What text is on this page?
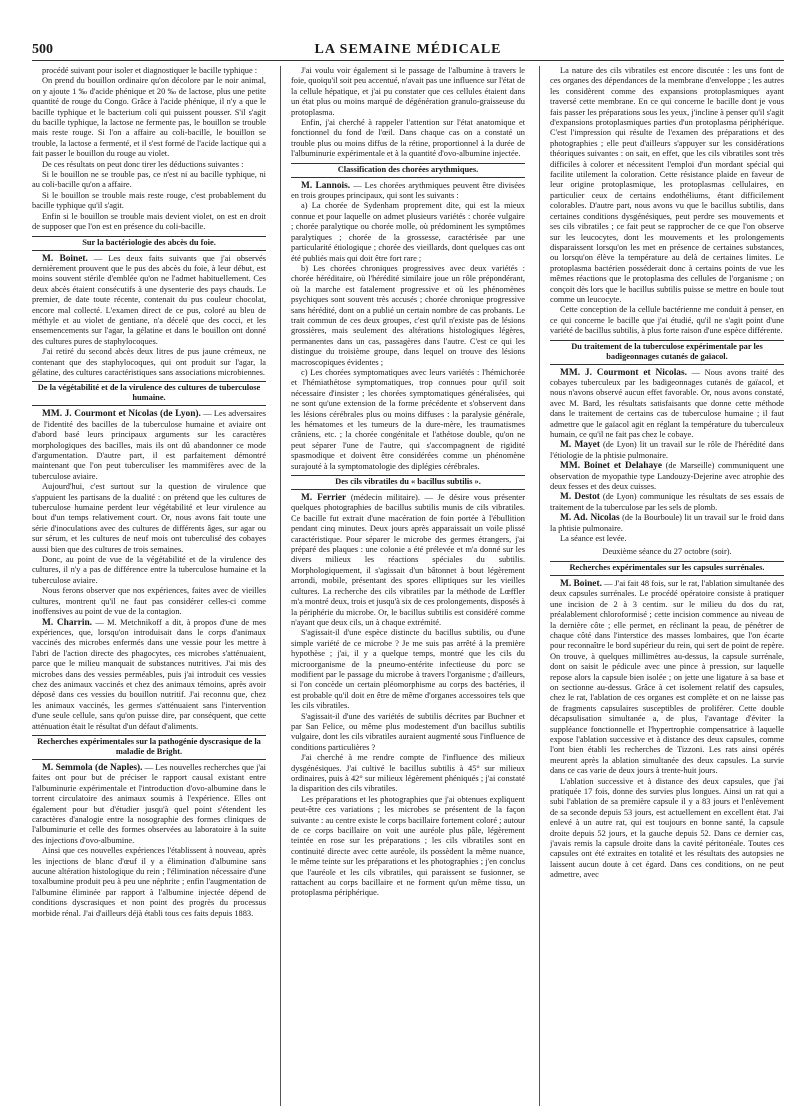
500	LA SEMAINE MÉDICALE

procédé suivant pour isoler et diagnostiquer le bacille typhique :

On prend du bouillon ordinaire qu'on décolore par le noir animal, on y ajoute 1 ‰ d'acide phénique et 20 ‰ de lactose, plus une petite quantité de rouge du Congo. Grâce à l'acide phénique, il n'y a que le bacille typhique et le bacterium coli qui puissent pousser. S'il s'agit du bacille typhique, la lactose ne fermente pas, le bouillon se trouble mais reste rouge. Si l'on a affaire au coli-bacille, le bouillon se trouble, la lactose a fermenté, et il s'est formé de l'acide lactique qui a fait passer le bouillon du rouge au violet.

De ces résultats on peut donc tirer les déductions suivantes :

Si le bouillon ne se trouble pas, ce n'est ni au bacille typhique, ni au coli-bacille qu'on a affaire.

Si le bouillon se trouble mais reste rouge, c'est probablement du bacille typhique qu'il s'agit.

Enfin si le bouillon se trouble mais devient violet, on est en droit de supposer que l'on est en présence du coli-bacille.

Sur la bactériologie des abcès du foie.

M. Boinet. — Les deux faits suivants que j'ai observés dernièrement prouvent que le pus des abcès du foie, à leur début, est moins souvent stérile d'emblée qu'on ne l'admet habituellement. Ces deux abcès étaient consécutifs à une dysenterie des pays chauds. Le premier, de date toute récente, contenait du pus couleur chocolat, encore mal collecté. L'examen direct de ce pus, coloré au bleu de méthyle et au violet de gentiane, n'a décelé que des cocci, et les ensemencements sur l'agar, la gélatine et dans le bouillon ont donné des cultures pures de staphylocoques.

J'ai retiré du second abcès deux litres de pus jaune crémeux, ne contenant que des staphylocoques, qui ont produit sur l'agar, la gélatine, des cultures caractéristiques sans associations microbiennes.

De la végétabilité et de la virulence des cultures de tuberculose humaine.

MM. J. Courmont et Nicolas (de Lyon). — Les adversaires de l'identité des bacilles de la tuberculose humaine et aviaire ont d'abord basé leurs principaux arguments sur les caractères morphologiques des bacilles, mais ils ont dû abandonner ce mode d'argumentation. D'autre part, il est parfaitement démontré maintenant que l'on peut tuberculiser les mammifères avec de la tuberculose aviaire.

Aujourd'hui, c'est surtout sur la question de virulence que s'appuient les partisans de la dualité : on prétend que les cultures de tuberculose humaine perdent leur végétabilité et leur virulence au bout d'un temps relativement court. Or, nous avons fait toute une série d'inoculations avec des cultures de différents âges, sur agar ou sur sérum, et les cultures de neuf mois ont tuberculisé des cobayes aussi bien que des cultures de trois semaines.

Donc, au point de vue de la végétabilité et de la virulence des cultures, il n'y a pas de différence entre la tuberculose humaine et la tuberculose aviaire.

Nous ferons observer que nos expériences, faites avec de vieilles cultures, montrent qu'il ne faut pas considérer celles-ci comme inoffensives au point de vue de la contagion.

M. Charrin. — M. Metchnikoff a dit, à propos d'une de mes expériences, que, lorsqu'on introduisait dans le corps d'animaux vaccinés des microbes enfermés dans une vessie pour les mettre à l'abri de l'action directe des phagocytes, ces microbes s'atténuaient, parce que le milieu manquait de substances nutritives. J'ai mis des microbes dans des vessies perméables, puis j'ai introduit ces vessies chez des animaux vaccinés et chez des animaux témoins, après avoir déposé dans ces vessies du bouillon nutritif. J'ai reconnu que, chez les animaux vaccinés, les germes s'atténuaient sans l'intervention d'une seule cellule, sans qu'on puisse dire, par conséquent, que cette atténuation était le résultat d'un défaut d'aliments.

Recherches expérimentales sur la pathogénie dyscrasique de la maladie de Bright.

M. Semmola (de Naples). — Les nouvelles recherches que j'ai faites ont pour but de préciser le rapport causal existant entre l'albuminurie expérimentale et l'introduction d'ovo-albumine dans le torrent circulatoire des animaux soumis à l'expérience. Elles ont également pour but d'étudier jusqu'à quel point s'étendent les caractères d'analogie entre la nosographie des formes cliniques de l'albuminurie et celle des formes observées au laboratoire à la suite des injections d'ovo-albumine.

Ainsi que ces nouvelles expériences l'établissent à nouveau, après les injections de blanc d'œuf il y a élimination d'albumine sans aucune altération histologique du rein ; l'élimination nécessaire d'une toxalbumine produit peu à peu une néphrite ; enfin l'augmentation de l'albumine éliminée par rapport à l'albumine injectée dépend de conditions dyscrasiques et non point des progrès du processus morbide rénal. J'ai d'ailleurs déjà établi tous ces faits depuis 1883.

J'ai voulu voir également si le passage de l'albumine à travers le foie, quoiqu'il soit peu accentué, n'avait pas une influence sur l'état de la cellule hépatique, et j'ai pu constater que ces cellules étaient dans un état plus ou moins marqué de dégénération granulo-graisseuse du protoplasma.

Enfin, j'ai cherché à rappeler l'attention sur l'état anatomique et fonctionnel du fond de l'œil. Dans chaque cas on a constaté un trouble plus ou moins diffus de la rétine, proportionnel à la durée de l'albuminurie expérimentale et à la quantité d'ovo-albumine injectée.

Classification des chorées arythmiques.

M. Lannois. — Les chorées arythmiques peuvent être divisées en trois groupes principaux, qui sont les suivants :

a) La chorée de Sydenham proprement dite, qui est la mieux connue et pour laquelle on admet plusieurs variétés : chorée vulgaire ; chorée paralytique ou chorée molle, où prédominent les symptômes paralytiques ; chorée de la grossesse, caractérisée par une particularité étiologique ; chorée des vieillards, dont quelques cas ont été publiés mais qui doit être fort rare ;

b) Les chorées chroniques progressives avec deux variétés : chorée héréditaire, où l'hérédité similaire joue un rôle prépondérant, où la marche est fatalement progressive et où les phénomènes psychiques sont souvent très accusés ; chorée chronique progressive sans hérédité, dont on a publié un certain nombre de cas probants. Le trait commun de ces deux groupes, c'est qu'il n'existe pas de lésions grossières, mais seulement des altérations histologiques légères, permanentes dans un cas, passagères dans l'autre. C'est ce qui les distingue du troisième groupe, dans lequel on trouve des lésions macroscopiques évidentes ;

c) Les chorées symptomatiques avec leurs variétés : l'hémichorée et l'hémiathétose symptomatiques, trop connues pour qu'il soit nécessaire d'insister ; les chorées symptomatiques généralisées, qui ne sont qu'une extension de la forme précédente et s'observent dans les lésions cérébrales plus ou moins diffuses : la paralysie générale, les hématomes et les tumeurs de la dure-mère, les traumatismes crâniens, etc. ; la chorée congénitale et l'athétose double, qu'on ne peut séparer l'une de l'autre, qui s'accompagnent de rigidité spasmodique et doivent être considérées comme un phénomène surajouté à la symptomatologie des diplégies cérébrales.

Des cils vibratiles du « bacillus subtilis ».

M. Ferrier (médecin militaire). — Je désire vous présenter quelques photographies de bacillus subtilis munis de cils vibratiles. Ce bacille fut extrait d'une macération de foin portée à l'ébullition pendant cinq minutes. Deux jours après apparaissait un voile plissé caractéristique. Pour séparer le microbe des germes étrangers, j'ai préparé des plaques : une colonie a été prélevée et m'a donné sur les divers milieux les réactions spéciales du subtilis. Morphologiquement, il s'agissait d'un bâtonnet à bout légèrement arrondi, mobile, présentant des spores elliptiques sur les vieilles cultures. La recherche des cils vibratiles par la méthode de Lœffler m'a montré deux, trois et jusqu'à six de ces prolongements, disposés à la périphérie du microbe. Or, le bacillus subtilis est considéré comme n'ayant que deux cils, un à chaque extrémité.

S'agissait-il d'une espèce distincte du bacillus subtilis, ou d'une simple variété de ce microbe ? Je me suis pas arrêté à la première hypothèse ; j'ai, il y a quelque temps, montré que les cils du microorganisme de la pneumo-entérite infectieuse du porc se modifient par le passage du microbe à travers l'organisme ; d'ailleurs, si l'on concède un certain pléomorphisme au corps des bactéries, il est probable qu'il doit en être de même d'organes accessoires tels que les cils vibratiles.

S'agissait-il d'une des variétés de subtilis décrites par Buchner et par San Felice, ou même plus modestement d'un bacillus subtilis vulgaire, dont les cils vibratiles auraient augmenté sous l'influence de conditions particulières ?

J'ai cherché à me rendre compte de l'influence des milieux dysgénésiques. J'ai cultivé le bacillus subtilis à 45° sur milieux ordinaires, puis à 42° sur milieux légèrement phéniqués ; j'ai constaté la disparition des cils vibratiles.

Les préparations et les photographies que j'ai obtenues expliquent peut-être ces variations ; les microbes se présentent de la façon suivante : au centre existe le corps bacillaire fortement coloré ; autour de ce corps bacillaire on voit une auréole plus pâle, légèrement teintée en rose sur les préparations ; les cils vibratiles sont en continuité directe avec cette auréole, ils possèdent la même nuance, le même teinte sur les préparations et les photographies ; j'en conclus que l'auréole et les cils vibratiles, qui paraissent se fusionner, se rattachent au corps bacillaire et ne forment qu'un même tissu, un protoplasma périphérique.

La nature des cils vibratiles est encore discutée : les uns font de ces organes des dépendances de la membrane d'enveloppe ; les autres les considèrent comme des expansions protoplasmiques ayant traversé cette membrane. En ce qui concerne le bacille dont je vous fais passer les préparations sous les yeux, j'incline à penser qu'il s'agit d'expansions protoplasmiques parties d'un protoplasma périphérique. C'est l'impression qui résulte de l'examen des préparations et des photographies ; elle peut d'ailleurs s'appuyer sur les considérations théoriques suivantes : on sait, en effet, que les cils vibratiles sont très difficiles à colorer et nécessitent l'emploi d'un mordant spécial qui facilite utilement la coloration. Cette résistance plaide en faveur de leur origine protoplasmique, les protoplasmas cellulaires, en particulier ceux de certains endothéliums, étant difficilement colorables. D'autre part, nous avons vu que le bacillus subtilis, dans certaines conditions dysgénésiques, peut perdre ses mouvements et ses cils vibratiles ; ce fait peut se rapprocher de ce que l'on observe sur les leucocytes, dont les mouvements et les prolongements disparaissent lorsqu'on les met en présence de certaines substances, ou lorsqu'on élève la température au delà de certaines limites. Le protoplasma bactérien posséderait donc à certains points de vue les mêmes réactions que le protoplasma des cellules de l'organisme ; on conçoit dès lors que le bacillus subtilis puisse se mettre en boule tout comme un leucocyte.

Cette conception de la cellule bactérienne me conduit à penser, en ce qui concerne le bacille que j'ai étudié, qu'il ne s'agit point d'une variété de bacillus subtilis, à plus forte raison d'une espèce différente.

Du traitement de la tuberculose expérimentale par les badigeonnages cutanés de gaïacol.

MM. J. Courmont et Nicolas. — Nous avons traité des cobayes tuberculeux par les badigeonnages cutanés de gaïacol, et nous n'avons observé aucun effet favorable. Or, nous avons constaté, avec M. Bard, les résultats satisfaisants que donne cette méthode dans le traitement de certains cas de tuberculose humaine ; il faut admettre que le gaïacol agit en réglant la température du tuberculeux humain, ce qu'il ne fait pas chez le cobaye.

M. Mayet (de Lyon) lit un travail sur le rôle de l'hérédité dans l'étiologie de la phtisie pulmonaire.

MM. Boinet et Delahaye (de Marseille) communiquent une observation de myopathie type Landouzy-Dejerine avec atrophie des deux fesses et des deux cuisses.

M. Destot (de Lyon) communique les résultats de ses essais de traitement de la tuberculose par les sels de plomb.

M. Ad. Nicolas (de la Bourboule) lit un travail sur le froid dans la phtisie pulmonaire.

La séance est levée.

Deuxième séance du 27 octobre (soir).

Recherches expérimentales sur les capsules surrénales.

M. Boinet. — J'ai fait 48 fois, sur le rat, l'ablation simultanée des deux capsules surrénales. Le procédé opératoire consiste à pratiquer une incision de 2 à 3 centim. sur le milieu du dos du rat, préalablement chloroformisé ; cette incision commence au niveau de la dernière côte ; elle permet, en réclinant la peau, de pénétrer de chaque côté dans l'interstice des masses lombaires, que l'on écarte pour reconnaître le bord supérieur du rein, qui sert de point de repère. On trouve, à quelques millimètres au-dessus, la capsule surrénale, dont on saisit le pédicule avec une pince à pression, sur laquelle repose alors la capsule bien isolée ; on jette une ligature à sa base et on sectionne au-dessus. Grâce à cet isolement relatif des capsules, chez le rat, l'ablation de ces organes est complète et on ne laisse pas de fragments capsulaires susceptibles de proliférer. Cette double décapsulisation simultanée a, de plus, l'avantage d'éviter la suppléance fonctionnelle et l'hypertrophie compensatrice à laquelle expose l'ablation successive et à distance des deux capsules, comme l'ont bien établi les recherches de Tizzoni. Les rats ainsi opérés meurent après la ablation simultanée des deux capsules. La survie dans ce cas varie de deux jours à trente-huit jours.

L'ablation successive et à distance des deux capsules, que j'ai pratiquée 17 fois, donne des survies plus longues. Ainsi un rat qui a subi l'ablation de sa première capsule il y a 83 jours et l'enlèvement de sa seconde depuis 53 jours, est actuellement en excellent état. J'ai enlevé à un autre rat, qui est toujours en bonne santé, la capsule droite depuis 52 jours, et la gauche depuis 52. Dans ce dernier cas, j'avais remis la capsule droite dans la cavité péritonéale. Toutes ces capsules ont été extraites en totalité et les résultats des autopsies ne laissent aucun doute à cet égard. Dans ces conditions, on ne peut admettre, avec
